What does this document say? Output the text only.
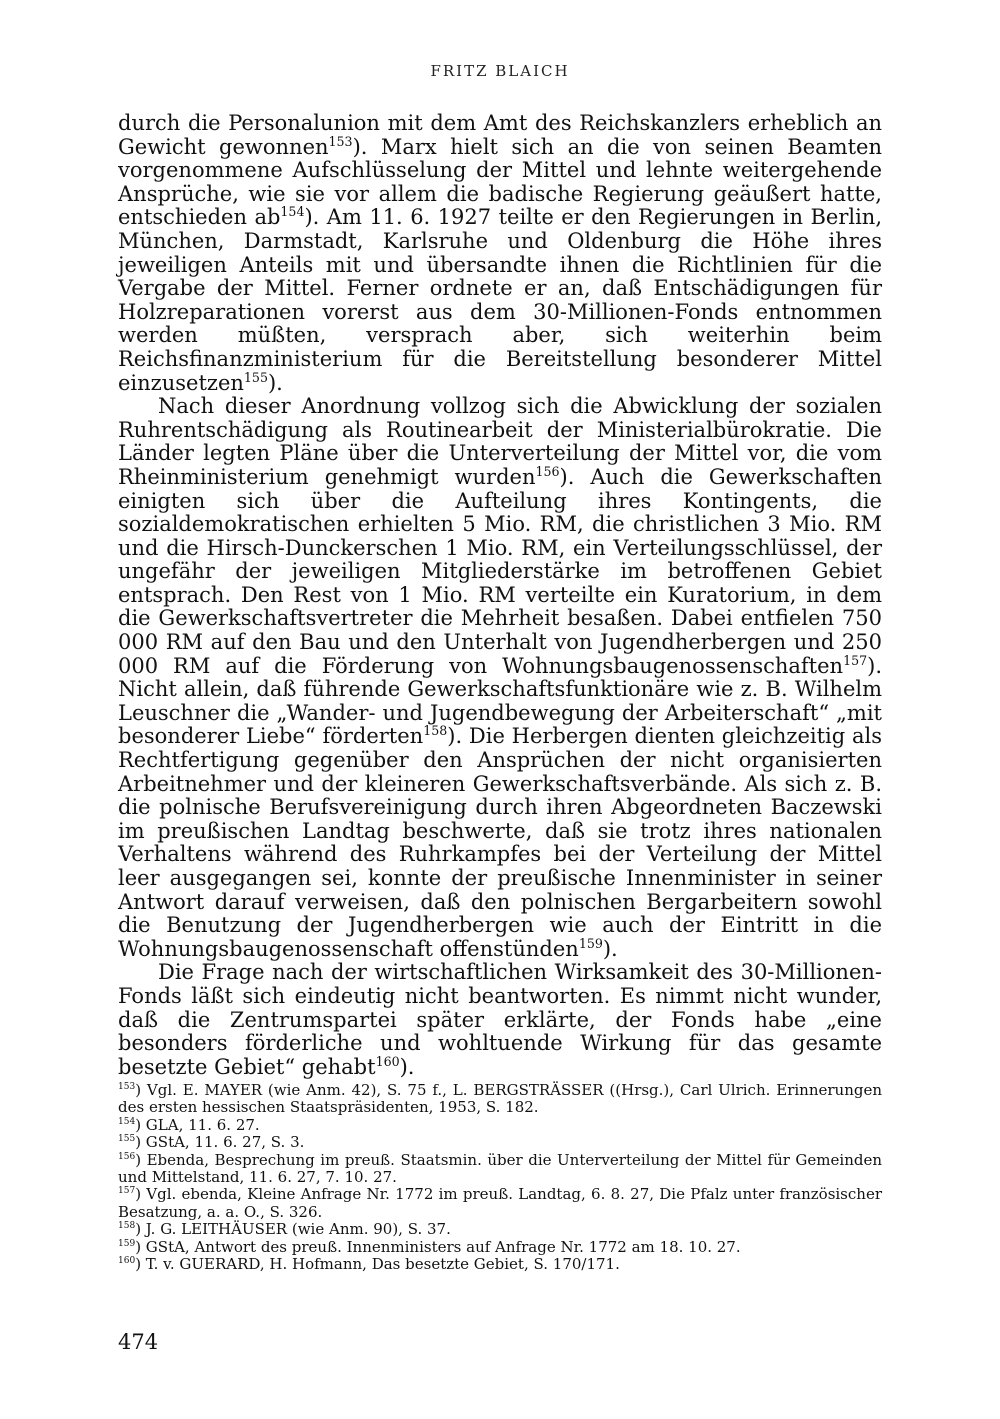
FRITZ BLAICH

durch die Personalunion mit dem Amt des Reichskanzlers erheblich an Gewicht gewonnen$^{153}$). Marx hielt sich an die von seinen Beamten vorgenommene Aufschlüsselung der Mittel und lehnte weitergehende Ansprüche, wie sie vor allem die badische Regierung geäußert hatte, entschieden $ab^{154}$). Am 11. 6. 1927 teilte er den Regierungen in Berlin, München, Darmstadt, Karlsruhe und Oldenburg die Höhe ihres jeweiligen Anteils mit und übersandte ihnen die Richtlinien für die Vergabe der Mittel. Ferner ordnete er an, daß Entschädigungen für Holzreparationen vorerst aus dem 30-Millionen-Fonds entnommen werden müßten, versprach aber, sich weiterhin beim Reichsfinanzministerium für die Bereitstellung besonderer Mittel einzusetzen$^{155}$).

Nach dieser Anordnung vollzog sich die Abwicklung der sozialen Ruhrentschädigung als Routinearbeit der Ministerialbürokratie. Die Länder legten Pläne über die Unterverteilung der Mittel vor, die vom Rheinministerium genehmigt wurden$^{156}$). Auch die Gewerkschaften einigten sich über die Aufteilung ihres Kontingents, die sozialdemokratischen erhielten 5 Mio. RM, die christlichen 3 Mio. RM und die Hirsch-Dunckerschen 1 Mio. RM, ein Verteilungsschlüssel, der ungefähr der jeweiligen Mitgliederstärke im betroffenen Gebiet entsprach. Den Rest von 1 Mio. RM verteilte ein Kuratorium, in dem die Gewerkschaftsvertreter die Mehrheit besaßen. Dabei entfielen 750 000 RM auf den Bau und den Unterhalt von Jugendherbergen und 250 000 RM auf die Förderung von Wohnungsbaugenossenschaften$^{157}$). Nicht allein, daß führende Gewerkschaftsfunktionäre wie z. B. Wilhelm Leuschner die „Wander- und Jugendbewegung der Arbeiterschaft“ „mit besonderer Liebe“ förderten$^{158}$). Die Herbergen dienten gleichzeitig als Rechtfertigung gegenüber den Ansprüchen der nicht organisierten Arbeitnehmer und der kleineren Gewerkschaftsverbände. Als sich z. B. die polnische Berufsvereinigung durch ihren Abgeordneten Baczewski im preußischen Landtag beschwerte, daß sie trotz ihres nationalen Verhaltens während des Ruhrkampfes bei der Verteilung der Mittel leer ausgegangen sei, konnte der preußische Innenminister in seiner Antwort darauf verweisen, daß den polnischen Bergarbeitern sowohl die Benutzung der Jugendherbergen wie auch der Eintritt in die Wohnungsbaugenossenschaft offenstünden$^{159}$).

Die Frage nach der wirtschaftlichen Wirksamkeit des 30-Millionen-Fonds läßt sich eindeutig nicht beantworten. Es nimmt nicht wunder, daß die Zentrumspartei später erklärte, der Fonds habe „eine besonders förderliche und wohltuende Wirkung für das gesamte besetzte Gebiet“ gehabt$^{160}$).

$^{153}$) Vgl. E. MAYER (wie Anm. 42), S. 75 f., L. BERGSTRÄSSER ((Hrsg.), Carl Ulrich. Erinnerungen des ersten hessischen Staatspräsidenten, 1953, S. 182.
$^{154}$) GLA, 11. 6. 27.
$^{155}$) GStA, 11. 6. 27, S. 3.
$^{156}$) Ebenda, Besprechung im preuß. Staatsmin. über die Unterverteilung der Mittel für Gemeinden und Mittelstand, 11. 6. 27, 7. 10. 27.
$^{157}$) Vgl. ebenda, Kleine Anfrage Nr. 1772 im preuß. Landtag, 6. 8. 27, Die Pfalz unter französischer Besatzung, a. a. O., S. 326.
$^{158}$) J. G. LEITHÄUSER (wie Anm. 90), S. 37.
$^{159}$) GStA, Antwort des preuß. Innenministers auf Anfrage Nr. 1772 am 18. 10. 27.
$^{160}$) T. v. GUERARD, H. Hofmann, Das besetzte Gebiet, S. 170/171.
474
